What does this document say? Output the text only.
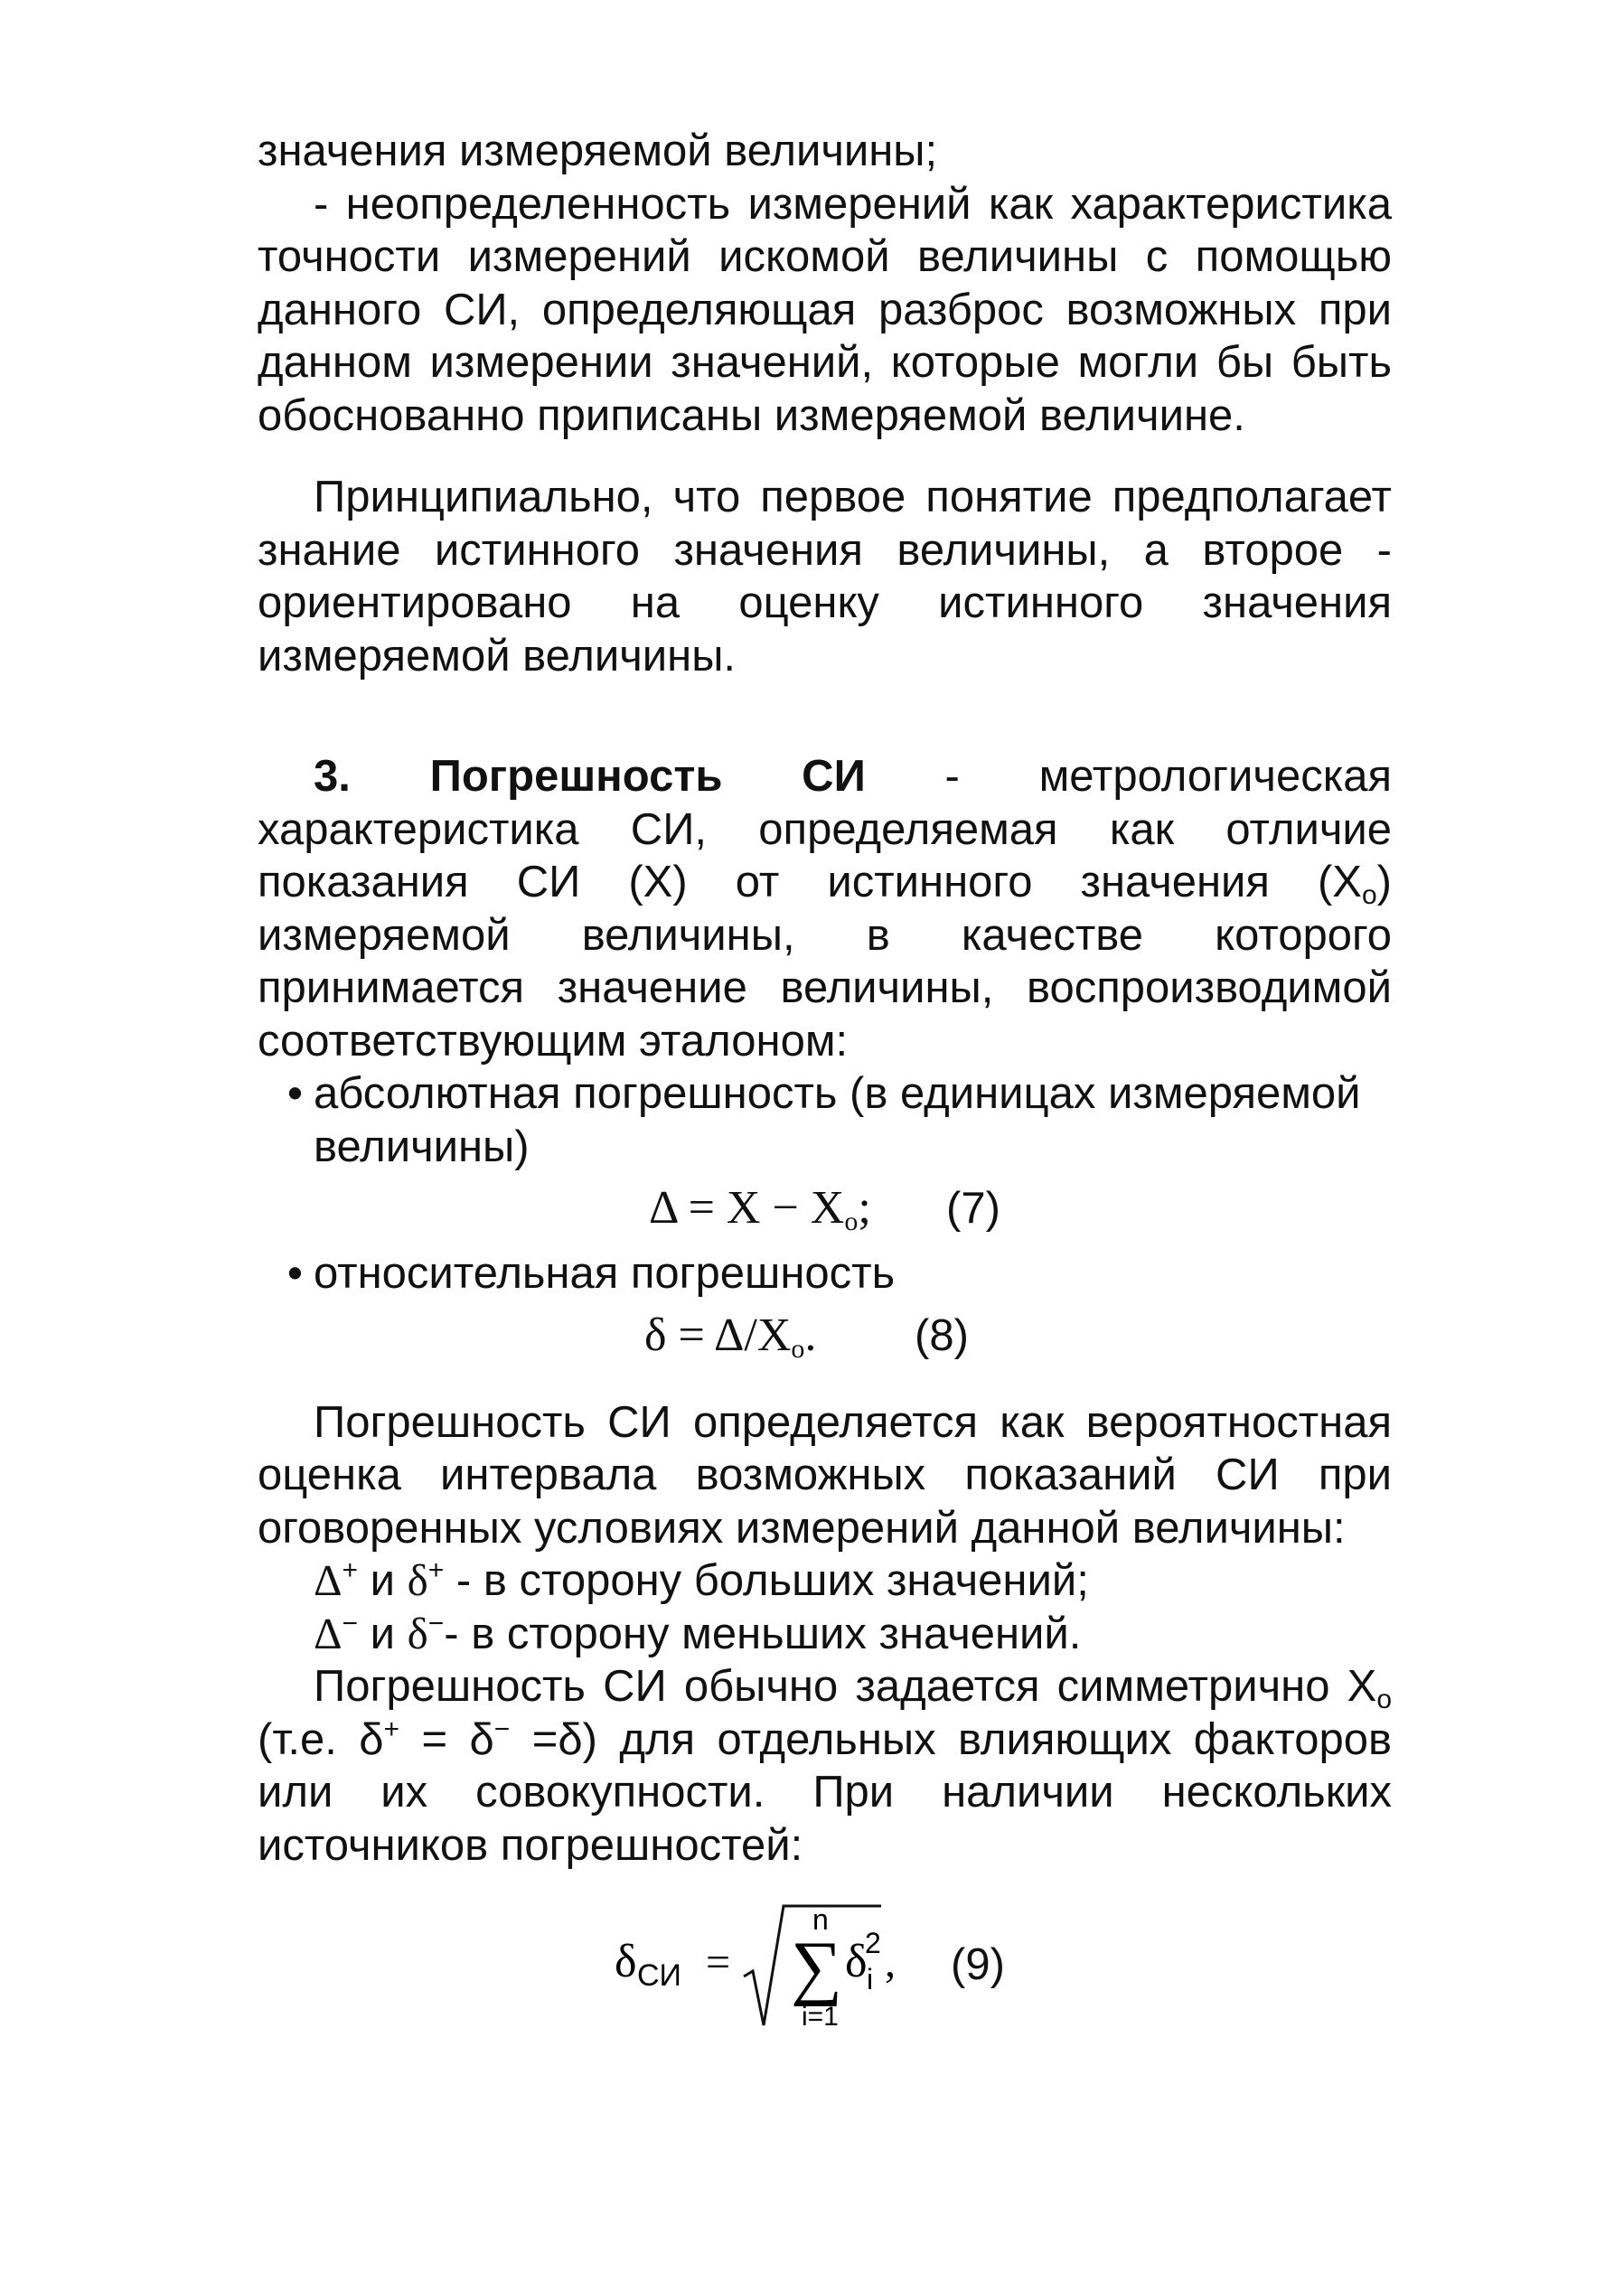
значения измеряемой величины;

- неопределенность измерений как характеристика точности измерений искомой величины с помощью данного СИ, определяющая разброс возможных при данном измерении значений, которые могли бы быть обоснованно приписаны измеряемой величине.

Принципиально, что первое понятие предполагает знание истинного значения величины, а второе - ориентировано на оценку истинного значения измеряемой величины.

3. Погрешность СИ - метрологическая характеристика СИ, определяемая как отличие показания СИ (X) от истинного значения $(X_o)$ измеряемой величины, в качестве которого принимается значение величины, воспроизводимой соответствующим эталоном:

• абсолютная погрешность (в единицах измеряемой величины)

$\Delta = X - X_o$; (7)

• относительная погрешность

$\delta = \Delta/X_o$. (8)

Погрешность СИ определяется как вероятностная оценка интервала возможных показаний СИ при оговоренных условиях измерений данной величины:

Δ+ и δ+ - в сторону больших значений;

Δ− и δ−- в сторону меньших значений.

Погрешность СИ обычно задается симметрично $X_o$ (т.е. δ+ = δ− =δ) для отдельных влияющих факторов или их совокупности. При наличии нескольких источников погрешностей:

δ СИ =
n
∑
i=1
δ i
2 , (9)
